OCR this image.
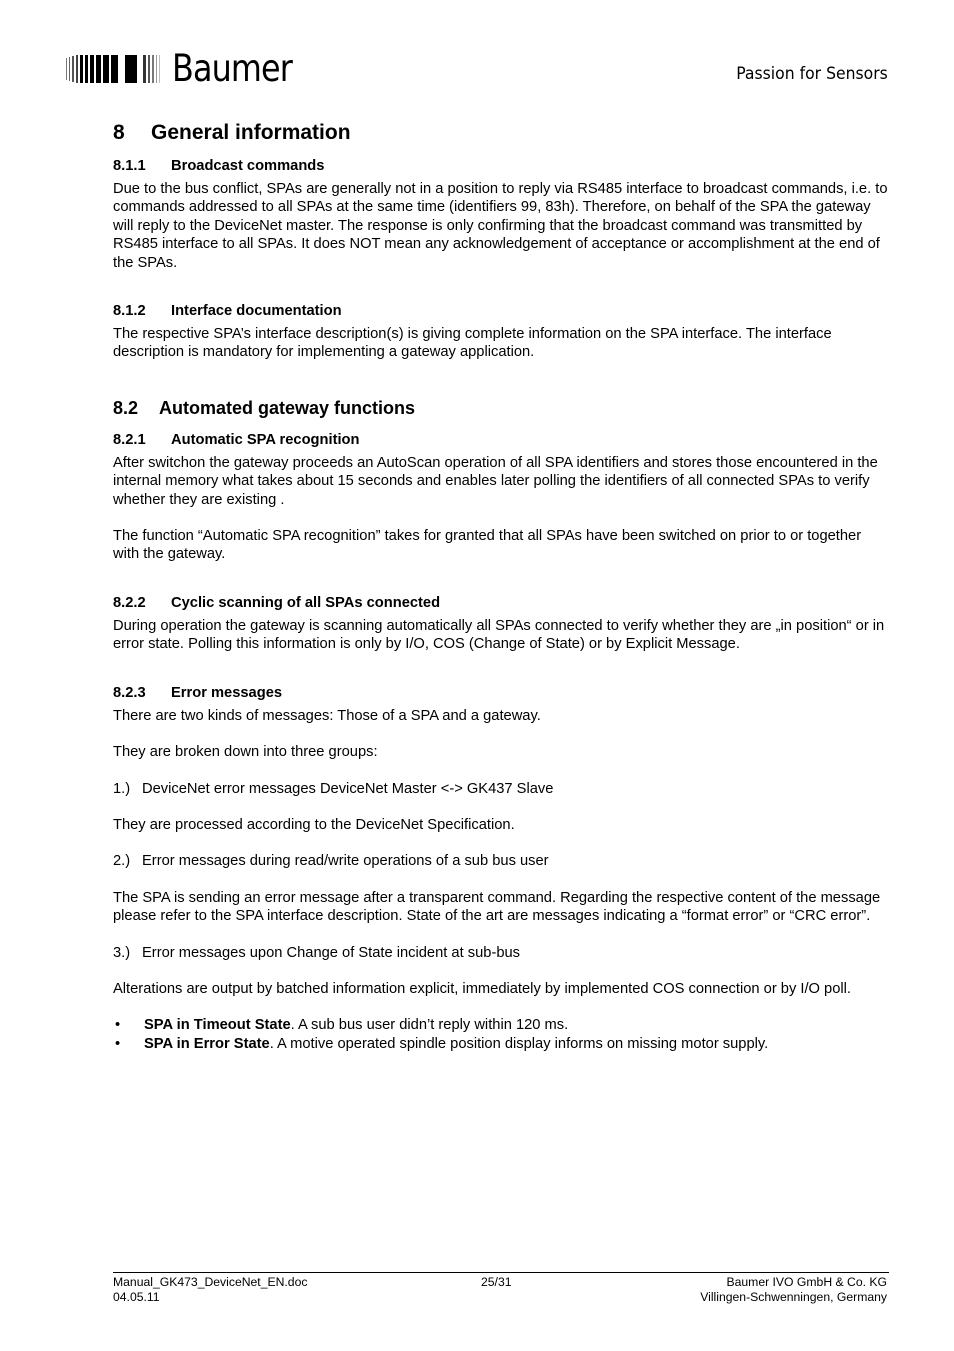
Baumer	Passion for Sensors
8	General information
8.1.1	Broadcast commands

Due to the bus conflict, SPAs are generally not in a position to reply via RS485 interface to broadcast commands, i.e. to commands addressed to all SPAs at the same time (identifiers 99, 83h). Therefore, on behalf of the SPA the gateway will reply to the DeviceNet master. The response is only confirming that the broadcast command was transmitted by RS485 interface to all SPAs. It does NOT mean any acknowledgement of acceptance or accomplishment at the end of the SPAs.

8.1.2	Interface documentation

The respective SPA’s interface description(s) is giving complete information on the SPA interface. The interface description is mandatory for implementing a gateway application.

8.2	Automated gateway functions
8.2.1	Automatic SPA recognition

After switchon the gateway proceeds an AutoScan operation of all SPA identifiers and stores those encountered in the internal memory what takes about 15 seconds and enables later polling the identifiers of all connected SPAs to verify whether they are existing .

The function “Automatic SPA recognition” takes for granted that all SPAs have been switched on prior to or together with the gateway.

8.2.2	Cyclic scanning of all SPAs connected

During operation the gateway is scanning automatically all SPAs connected to verify whether they are „in position“ or in error state. Polling this information is only by I/O, COS (Change of State) or by Explicit Message.

8.2.3	Error messages

There are two kinds of messages: Those of a SPA and a gateway.

They are broken down into three groups:

1.) DeviceNet error messages DeviceNet Master <-> GK437 Slave

They are processed according to the DeviceNet Specification.

2.) Error messages during read/write operations of a sub bus user

The SPA is sending an error message after a transparent command. Regarding the respective content of the message please refer to the SPA interface description. State of the art are messages indicating a “format error” or “CRC error”.

3.) Error messages upon Change of State incident at sub-bus

Alterations are output by batched information explicit, immediately by implemented COS connection or by I/O poll.

•	SPA in Timeout State. A sub bus user didn’t reply within 120 ms.
•	SPA in Error State. A motive operated spindle position display informs on missing motor supply.
Manual_GK473_DeviceNet_EN.doc
04.05.11
25/31	Baumer IVO GmbH & Co. KG
Villingen-Schwenningen, Germany
